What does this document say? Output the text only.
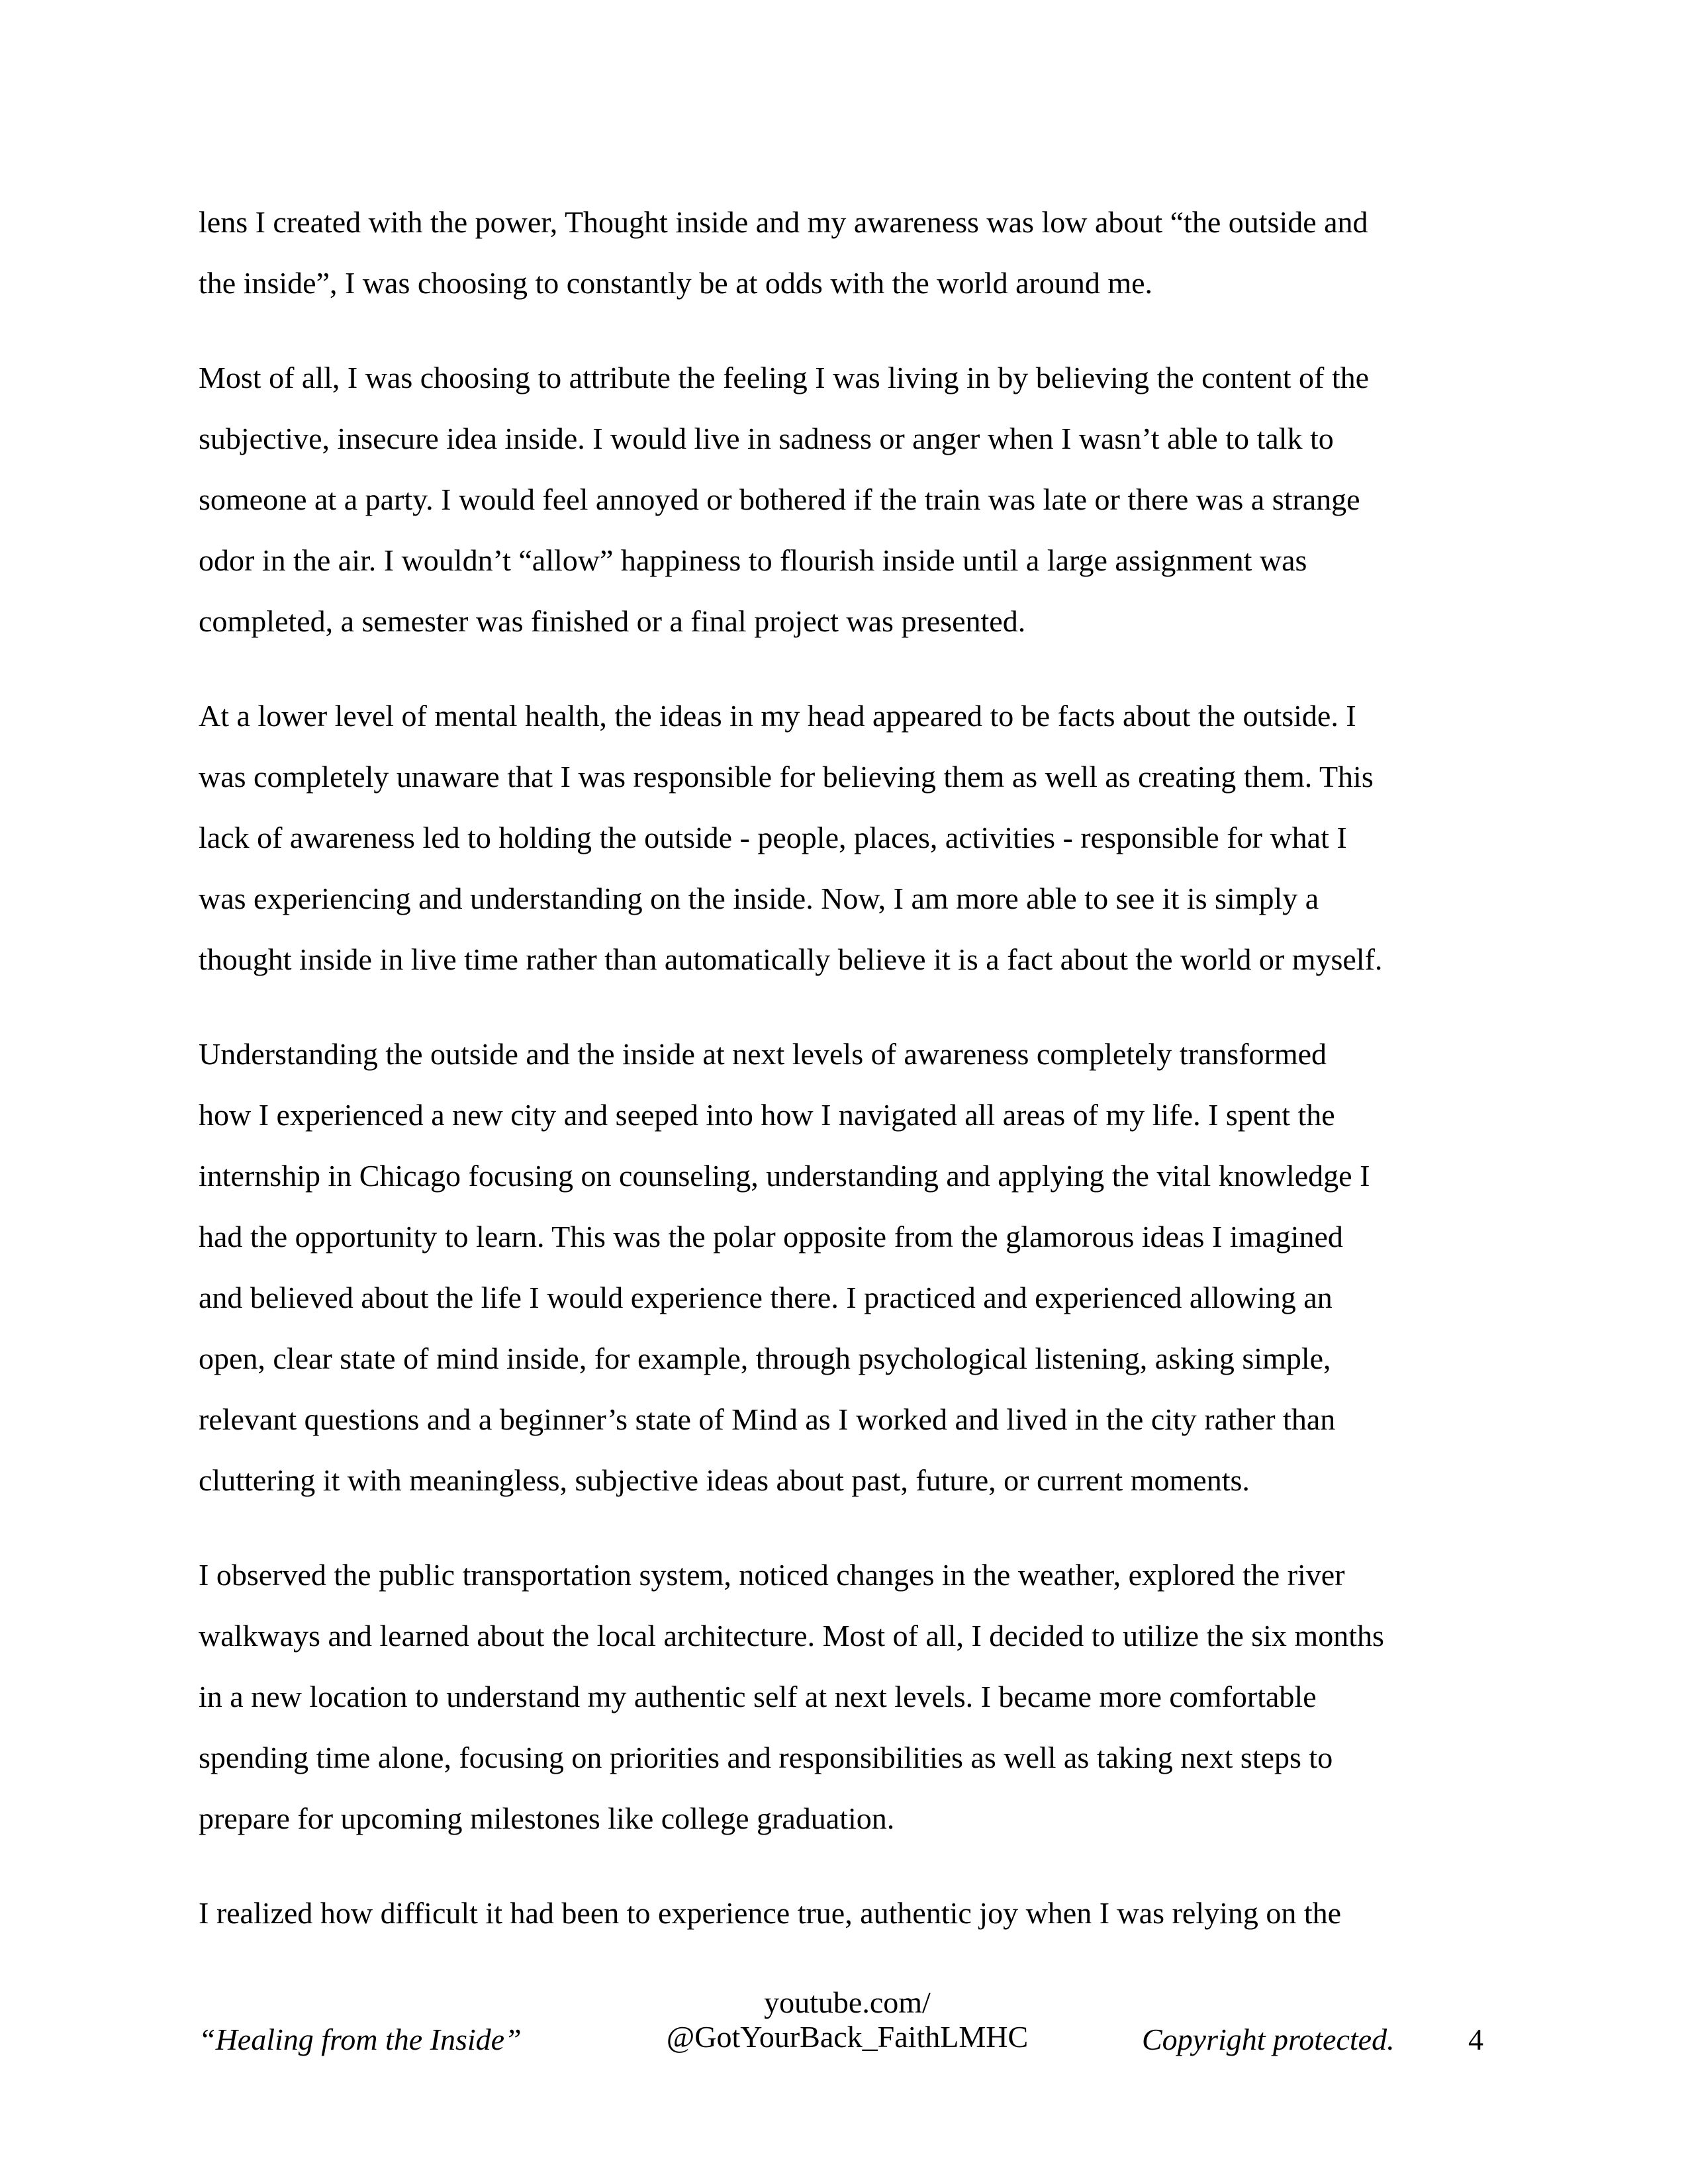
lens I created with the power, Thought inside and my awareness was low about “the outside and
the inside”, I was choosing to constantly be at odds with the world around me.

Most of all, I was choosing to attribute the feeling I was living in by believing the content of the
subjective, insecure idea inside. I would live in sadness or anger when I wasn’t able to talk to
someone at a party. I would feel annoyed or bothered if the train was late or there was a strange
odor in the air. I wouldn’t “allow” happiness to flourish inside until a large assignment was
completed, a semester was finished or a final project was presented.

At a lower level of mental health, the ideas in my head appeared to be facts about the outside. I
was completely unaware that I was responsible for believing them as well as creating them. This
lack of awareness led to holding the outside - people, places, activities - responsible for what I
was experiencing and understanding on the inside. Now, I am more able to see it is simply a
thought inside in live time rather than automatically believe it is a fact about the world or myself.

Understanding the outside and the inside at next levels of awareness completely transformed
how I experienced a new city and seeped into how I navigated all areas of my life. I spent the
internship in Chicago focusing on counseling, understanding and applying the vital knowledge I
had the opportunity to learn. This was the polar opposite from the glamorous ideas I imagined
and believed about the life I would experience there. I practiced and experienced allowing an
open, clear state of mind inside, for example, through psychological listening, asking simple,
relevant questions and a beginner’s state of Mind as I worked and lived in the city rather than
cluttering it with meaningless, subjective ideas about past, future, or current moments.

I observed the public transportation system, noticed changes in the weather, explored the river
walkways and learned about the local architecture. Most of all, I decided to utilize the six months
in a new location to understand my authentic self at next levels. I became more comfortable
spending time alone, focusing on priorities and responsibilities as well as taking next steps to
prepare for upcoming milestones like college graduation.

I realized how difficult it had been to experience true, authentic joy when I was relying on the

“Healing from the Inside”
youtube.com/
@GotYourBack_FaithLMHC	Copyright protected. 4
